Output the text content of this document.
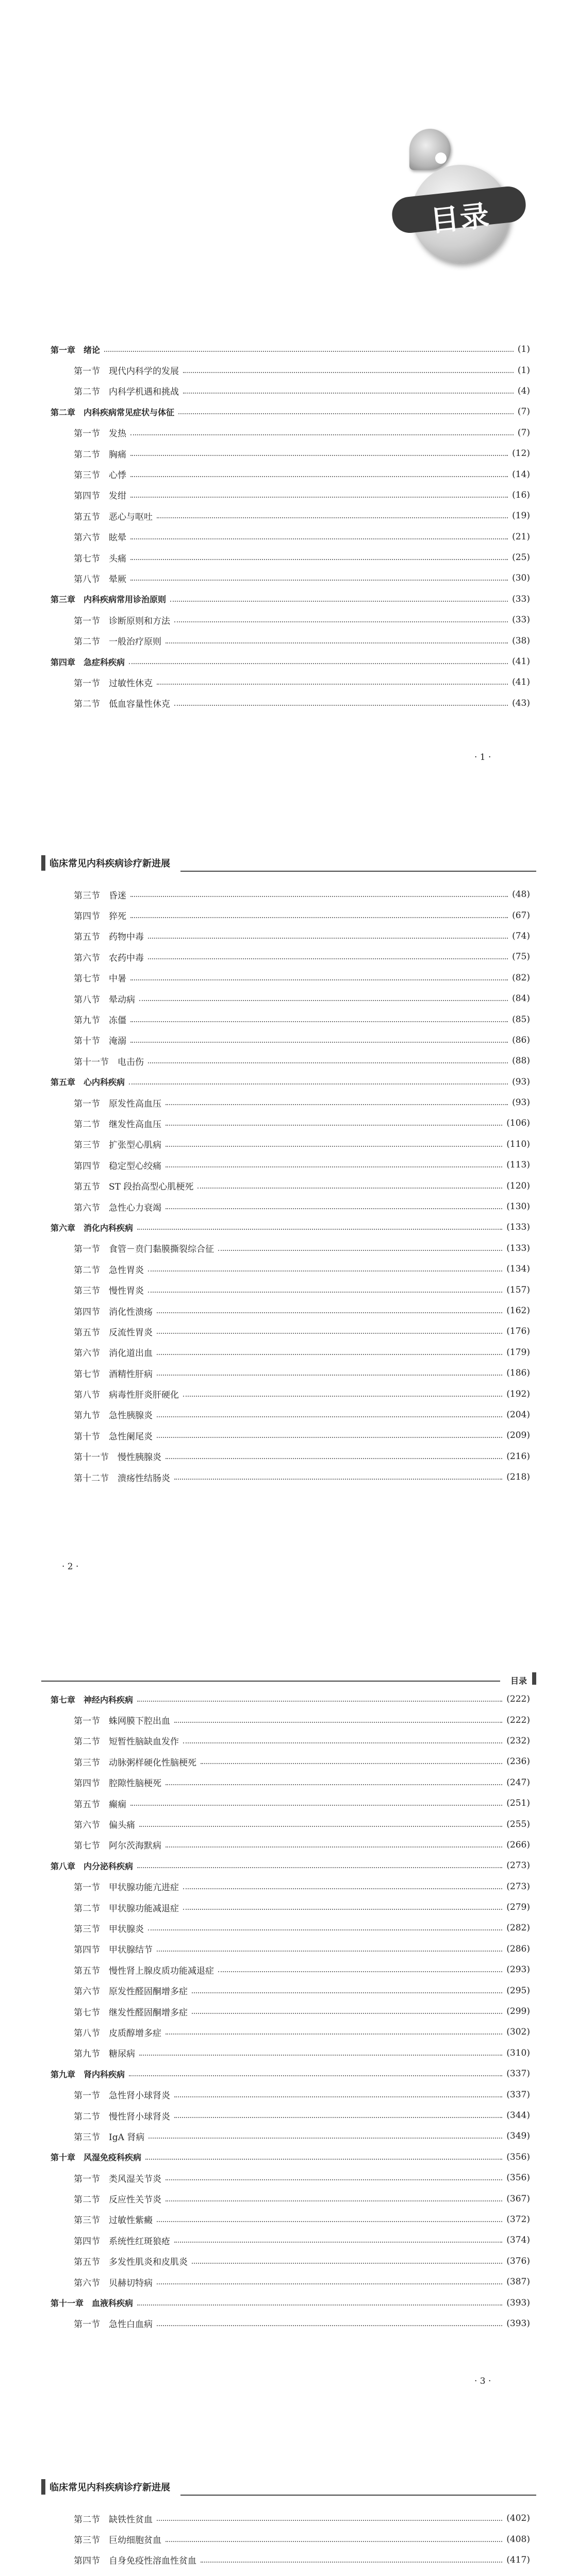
目录
第一章　绪论	(1)
第一节　现代内科学的发展	(1)
第二节　内科学机遇和挑战	(4)
第二章　内科疾病常见症状与体征	(7)
第一节　发热	(7)
第二节　胸痛	(12)
第三节　心悸	(14)
第四节　发绀	(16)
第五节　恶心与呕吐	(19)
第六节　眩晕	(21)
第七节　头痛	(25)
第八节　晕厥	(30)
第三章　内科疾病常用诊治原则	(33)
第一节　诊断原则和方法	(33)
第二节　一般治疗原则	(38)
第四章　急症科疾病	(41)
第一节　过敏性休克	(41)
第二节　低血容量性休克	(43)
· 1 ·
临床常见内科疾病诊疗新进展
第三节　昏迷	(48)
第四节　猝死	(67)
第五节　药物中毒	(74)
第六节　农药中毒	(75)
第七节　中暑	(82)
第八节　晕动病	(84)
第九节　冻僵	(85)
第十节　淹溺	(86)
第十一节　电击伤	(88)
第五章　心内科疾病	(93)
第一节　原发性高血压	(93)
第二节　继发性高血压	(106)
第三节　扩张型心肌病	(110)
第四节　稳定型心绞痛	(113)
第五节　ST 段抬高型心肌梗死	(120)
第六节　急性心力衰竭	(130)
第六章　消化内科疾病	(133)
第一节　食管－贲门黏膜撕裂综合征	(133)
第二节　急性胃炎	(134)
第三节　慢性胃炎	(157)
第四节　消化性溃疡	(162)
第五节　反流性胃炎	(176)
第六节　消化道出血	(179)
第七节　酒精性肝病	(186)
第八节　病毒性肝炎肝硬化	(192)
第九节　急性胰腺炎	(204)
第十节　急性阑尾炎	(209)
第十一节　慢性胰腺炎	(216)
第十二节　溃疡性结肠炎	(218)
· 2 ·
目录
第七章　神经内科疾病	(222)
第一节　蛛网膜下腔出血	(222)
第二节　短暂性脑缺血发作	(232)
第三节　动脉粥样硬化性脑梗死	(236)
第四节　腔隙性脑梗死	(247)
第五节　癫痫	(251)
第六节　偏头痛	(255)
第七节　阿尔茨海默病	(266)
第八章　内分泌科疾病	(273)
第一节　甲状腺功能亢进症	(273)
第二节　甲状腺功能减退症	(279)
第三节　甲状腺炎	(282)
第四节　甲状腺结节	(286)
第五节　慢性肾上腺皮质功能减退症	(293)
第六节　原发性醛固酮增多症	(295)
第七节　继发性醛固酮增多症	(299)
第八节　皮质醇增多症	(302)
第九节　糖尿病	(310)
第九章　肾内科疾病	(337)
第一节　急性肾小球肾炎	(337)
第二节　慢性肾小球肾炎	(344)
第三节　IgA 肾病	(349)
第十章　风湿免疫科疾病	(356)
第一节　类风湿关节炎	(356)
第二节　反应性关节炎	(367)
第三节　过敏性紫癜	(372)
第四节　系统性红斑狼疮	(374)
第五节　多发性肌炎和皮肌炎	(376)
第六节　贝赫切特病	(387)
第十一章　血液科疾病	(393)
第一节　急性白血病	(393)
· 3 ·
临床常见内科疾病诊疗新进展
第二节　缺铁性贫血	(402)
第三节　巨幼细胞贫血	(408)
第四节　自身免疫性溶血性贫血	(417)
